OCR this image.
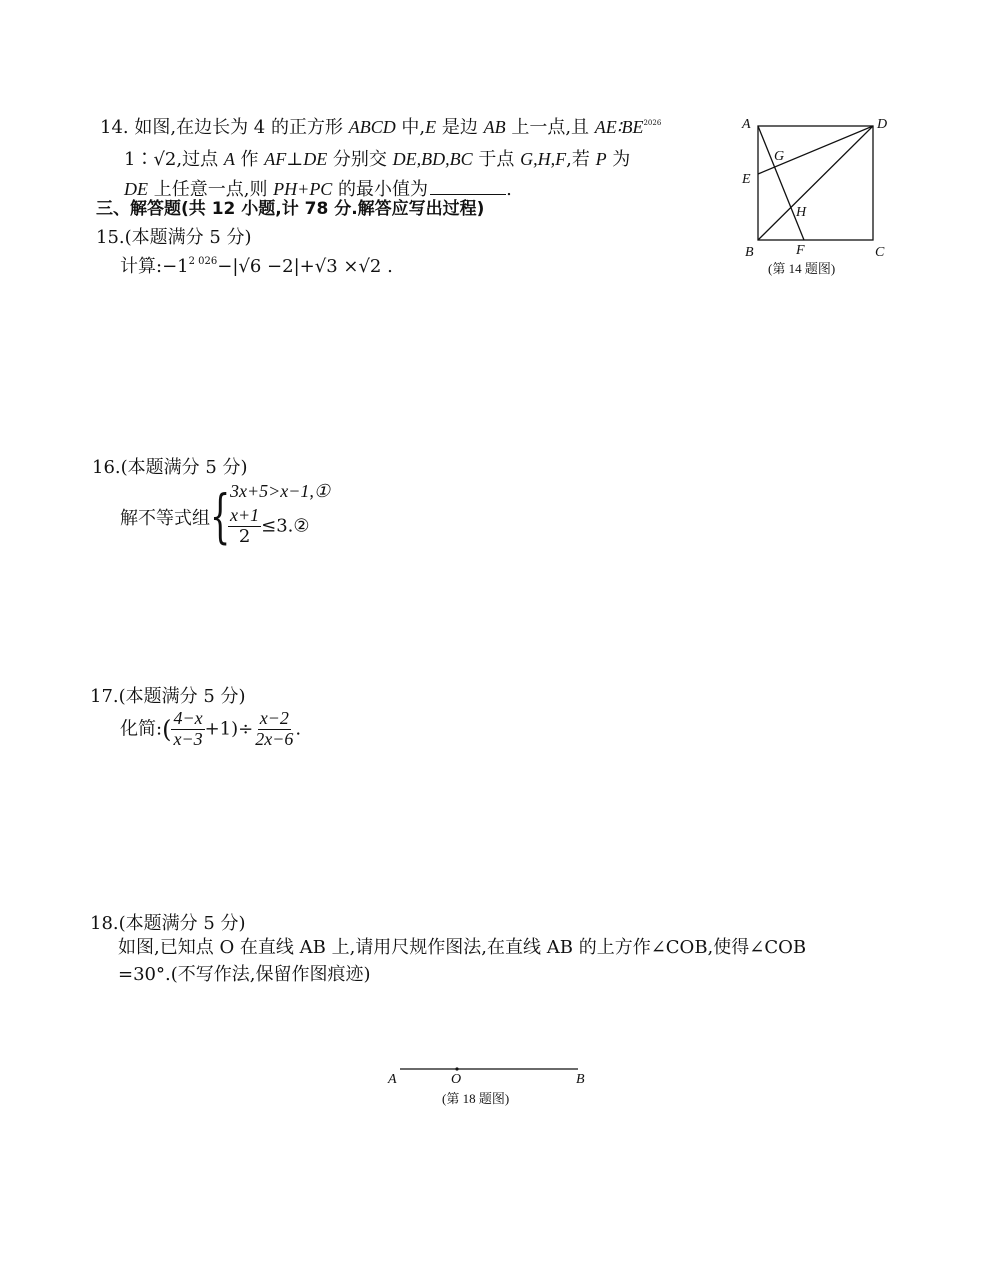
14. 如图,在边长为 4 的正方形 ABCD 中,E 是边 AB 上一点,且 $AE∶BE^{2026}$
1∶√2,过点 A 作 AF⊥DE 分别交 DE,BD,BC 于点 G,H,F,若 P 为
DE 上任意一点,则 PH+PC 的最小值为	.
A	D
G
E
H
B	F	C
(第 14 题图)
三、解答题(共 12 小题,计 78 分.解答应写出过程)
15.(本题满分 5 分)
计算$:-1^{2 026}-|√6 -2|+√3 \times√2$ .
16.(本题满分 5 分)
解不等式组 { 3x+5>x−1,①
$\frac{x+1}{2}$ ≤3.②
17.(本题满分 5 分)
化简:( $\frac{4-x}{x-3} +1)\div \frac{x-2}{2x-6}$ .
18.(本题满分 5 分)
如图,已知点 O 在直线 AB 上,请用尺规作图法,在直线 AB 的上方作∠COB,使得∠COB
=30°.(不写作法,保留作图痕迹)
A	O	B
(第 18 题图)
